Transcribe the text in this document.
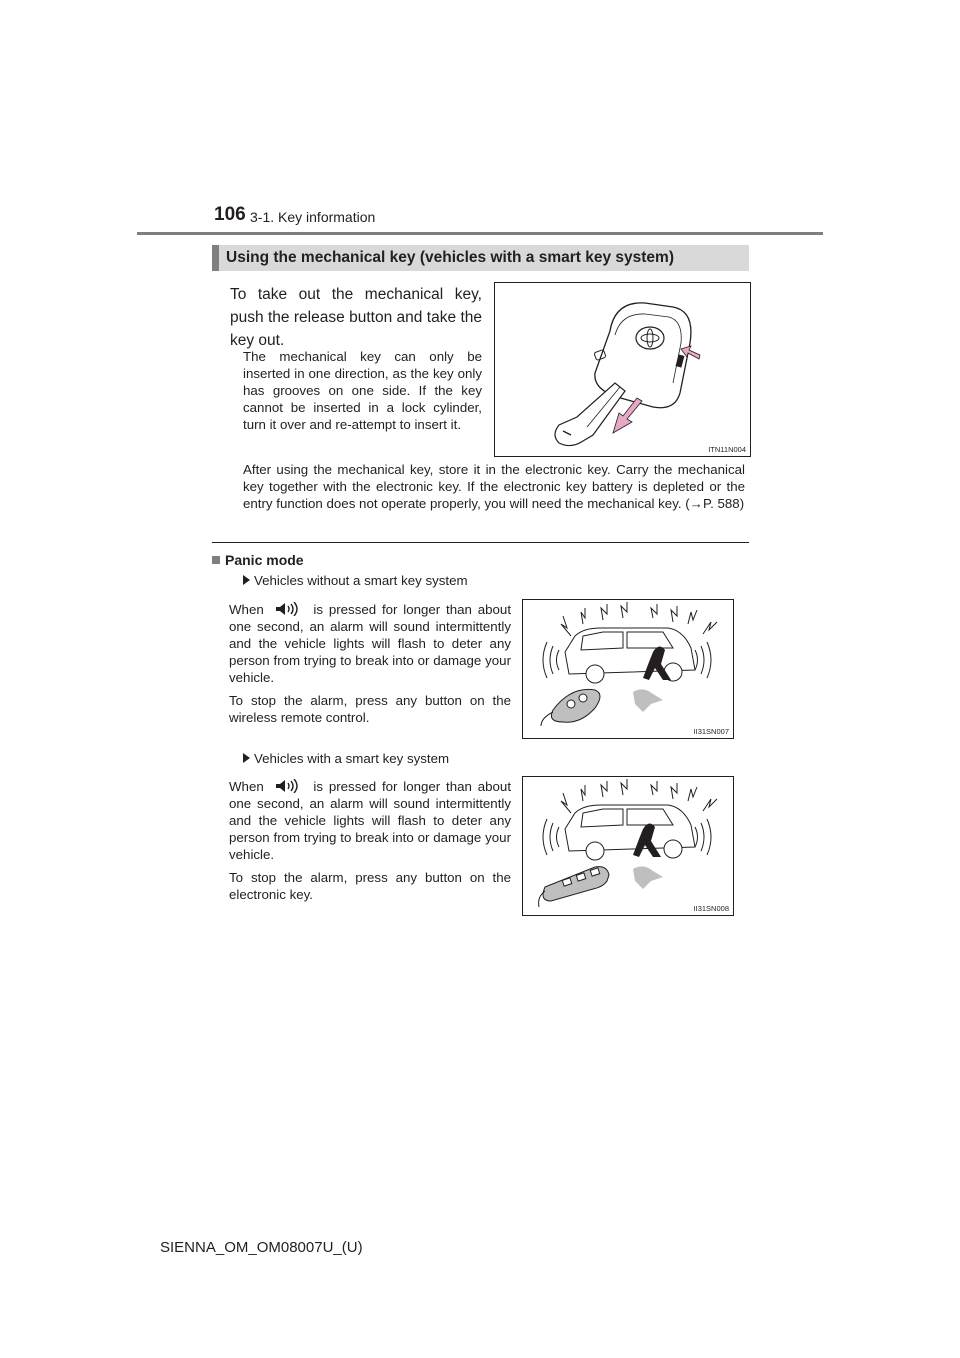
106 3-1. Key information
Using the mechanical key (vehicles with a smart key system)
To take out the mechanical key, push the release button and take the key out.
The mechanical key can only be inserted in one direction, as the key only has grooves on one side. If the key cannot be inserted in a lock cylinder, turn it over and re-attempt to insert it.
ITN11N004
After using the mechanical key, store it in the electronic key. Carry the mechanical key together with the electronic key. If the electronic key battery is depleted or the entry function does not operate properly, you will need the mechanical key. (→P. 588)
Panic mode
Vehicles without a smart key system

When	is pressed for longer than about one second, an alarm will sound intermittently and the vehicle lights will flash to deter any person from trying to break into or damage your vehicle.

To stop the alarm, press any button on the wireless remote control.

II31SN007
Vehicles with a smart key system

When	is pressed for longer than about one second, an alarm will sound intermittently and the vehicle lights will flash to deter any person from trying to break into or damage your vehicle.

To stop the alarm, press any button on the electronic key.

II31SN008
SIENNA_OM_OM08007U_(U)
